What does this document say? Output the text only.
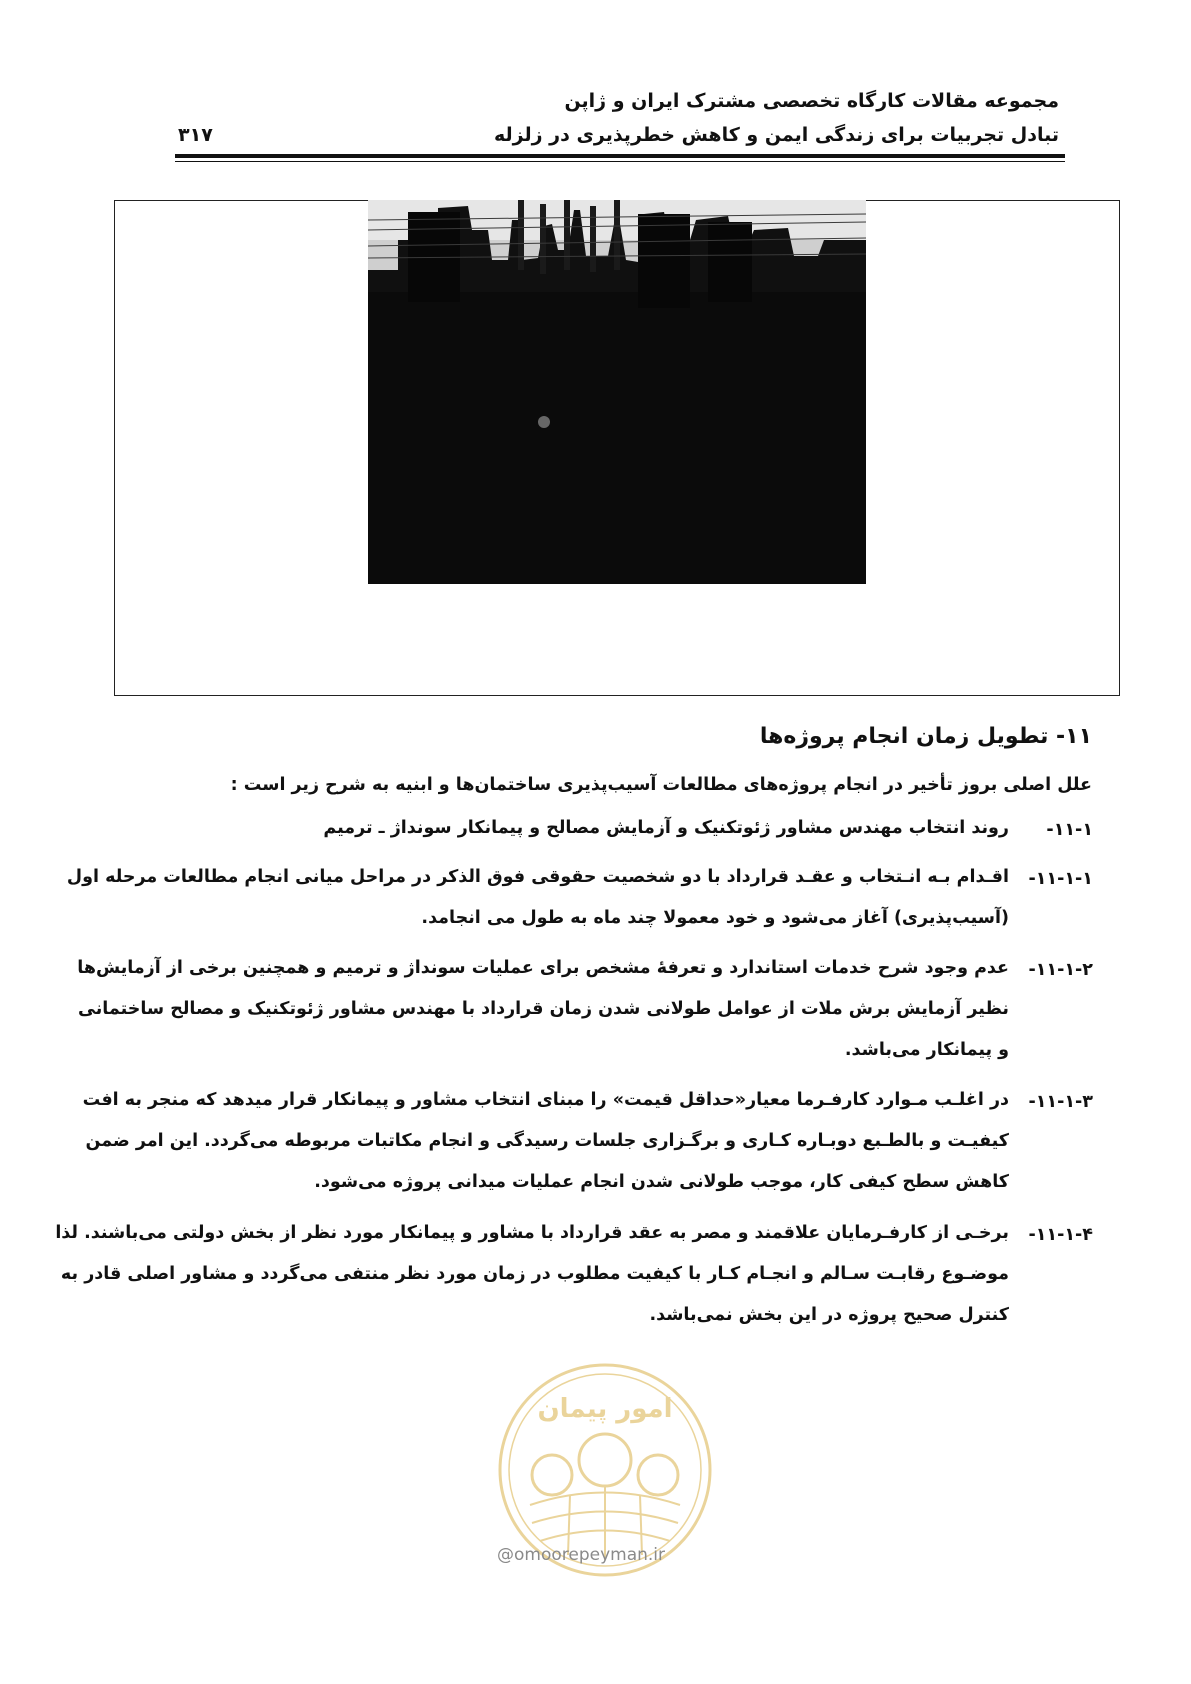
مجموعه مقالات کارگاه تخصصی مشترک ایران و ژاپن
تبادل تجربیات برای زندگی ایمن و کاهش خطرپذیری در زلزله
۳۱۷
۱۱- تطویل زمان انجام پروژه‌ها
علل اصلی بروز تأخیر در انجام پروژه‌های مطالعات آسیب‌پذیری ساختمان‌ها و ابنیه به شرح زیر است :
۱۱-۱-
روند انتخاب مهندس مشاور ژئوتکنیک و آزمایش مصالح و پیمانکار سونداژ ـ ترمیم
۱۱-۱-۱-
اقـدام بـه انـتخاب و عقـد قرارداد با دو شخصیت حقوقی فوق الذکر در مراحل میانی انجام مطالعات مرحله اول
(آسیب‌پذیری) آغاز می‌شود و خود معمولا چند ماه به طول می انجامد.
۱۱-۱-۲-
عدم وجود شرح خدمات استاندارد و تعرفهٔ مشخص برای عملیات سونداژ و ترمیم و همچنین برخی از آزمایش‌ها
نظیر آزمایش برش ملات از عوامل طولانی شدن زمان قرارداد با مهندس مشاور ژئوتکنیک و مصالح ساختمانی
و پیمانکار می‌باشد.
۱۱-۱-۳-
در اغلـب مـوارد کارفـرما معیار«حداقل قیمت» را مبنای انتخاب مشاور و پیمانکار قرار میدهد که منجر به افت
کیفیـت و بالطـبع دوبـاره کـاری و برگـزاری جلسات رسیدگی و انجام مکاتبات مربوطه می‌گردد. این امر ضمن
کاهش سطح کیفی کار، موجب طولانی شدن انجام عملیات میدانی پروژه می‌شود.
۱۱-۱-۴-
برخـی از کارفـرمایان علاقمند و مصر به عقد قرارداد با مشاور و پیمانکار مورد نظر از بخش دولتی می‌باشند. لذا
موضـوع رقابـت سـالم و انجـام کـار با کیفیت مطلوب در زمان مورد نظر منتفی می‌گردد و مشاور اصلی قادر به
کنترل صحیح پروژه در این بخش نمی‌باشد.
امور پیمان
@omoorepeyman.ir
